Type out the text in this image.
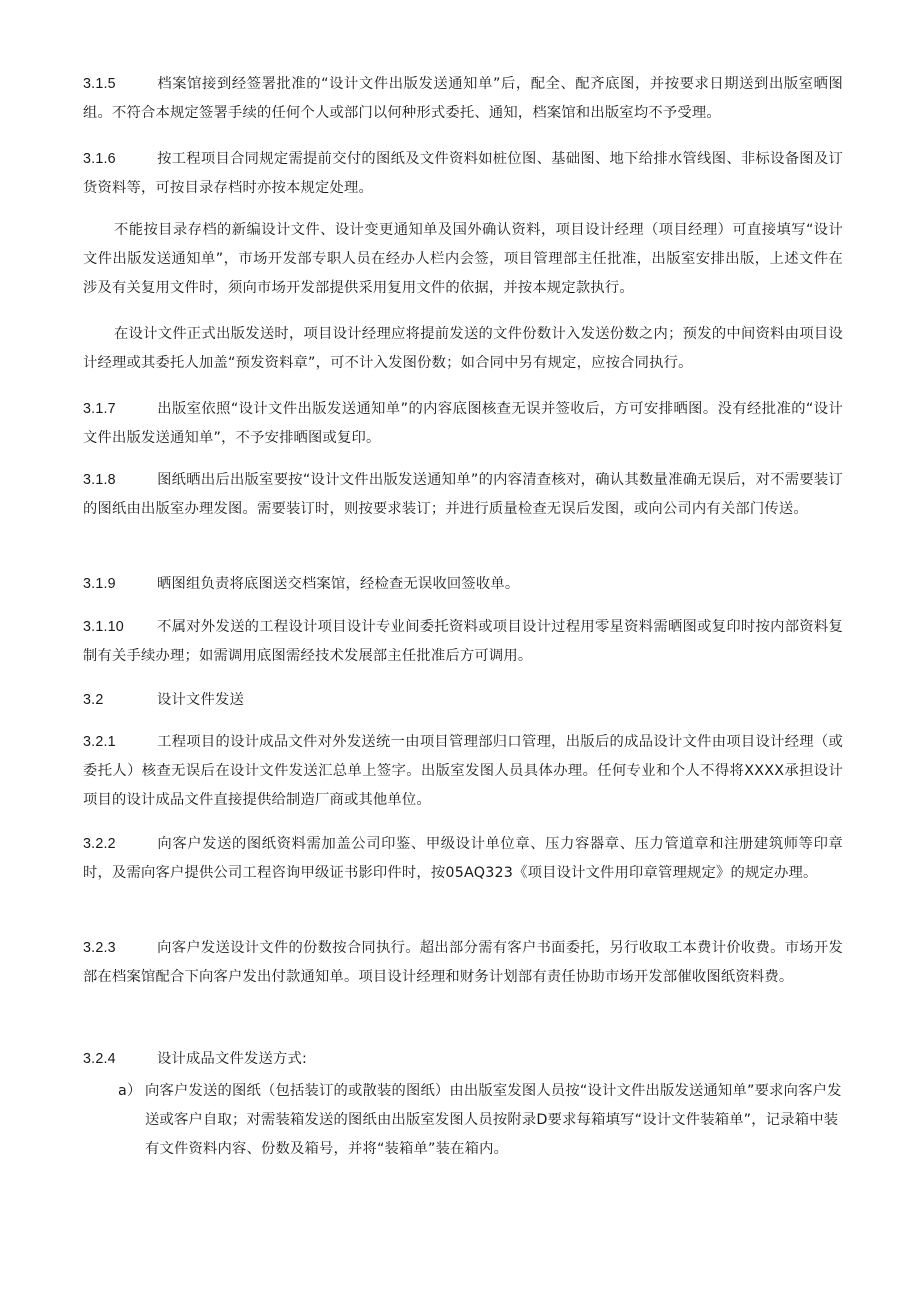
3.1.5	档案馆接到经签署批准的“设计文件出版发送通知单”后，配全、配齐底图，并按要求日期送到出版室晒图组。不符合本规定签署手续的任何个人或部门以何种形式委托、通知，档案馆和出版室均不予受理。
3.1.6	按工程项目合同规定需提前交付的图纸及文件资料如桩位图、基础图、地下给排水管线图、非标设备图及订货资料等，可按目录存档时亦按本规定处理。
不能按目录存档的新编设计文件、设计变更通知单及国外确认资料，项目设计经理（项目经理）可直接填写“设计文件出版发送通知单”，市场开发部专职人员在经办人栏内会签，项目管理部主任批准，出版室安排出版，上述文件在涉及有关复用文件时，须向市场开发部提供采用复用文件的依据，并按本规定款执行。
在设计文件正式出版发送时，项目设计经理应将提前发送的文件份数计入发送份数之内；预发的中间资料由项目设计经理或其委托人加盖“预发资料章”，可不计入发图份数；如合同中另有规定，应按合同执行。
3.1.7	出版室依照“设计文件出版发送通知单”的内容底图核查无误并签收后，方可安排晒图。没有经批准的“设计文件出版发送通知单”，不予安排晒图或复印。
3.1.8	图纸晒出后出版室要按“设计文件出版发送通知单”的内容清查核对，确认其数量准确无误后，对不需要装订的图纸由出版室办理发图。需要装订时，则按要求装订；并进行质量检查无误后发图，或向公司内有关部门传送。
3.1.9	晒图组负责将底图送交档案馆，经检查无误收回签收单。
3.1.10 不属对外发送的工程设计项目设计专业间委托资料或项目设计过程用零星资料需晒图或复印时按内部资料复制有关手续办理；如需调用底图需经技术发展部主任批准后方可调用。
3.2	设计文件发送
3.2.1	工程项目的设计成品文件对外发送统一由项目管理部归口管理，出版后的成品设计文件由项目设计经理（或委托人）核查无误后在设计文件发送汇总单上签字。出版室发图人员具体办理。任何专业和个人不得将XXXX承担设计项目的设计成品文件直接提供给制造厂商或其他单位。
3.2.2	向客户发送的图纸资料需加盖公司印鉴、甲级设计单位章、压力容器章、压力管道章和注册建筑师等印章时，及需向客户提供公司工程咨询甲级证书影印件时，按05AQ323《项目设计文件用印章管理规定》的规定办理。
3.2.3	向客户发送设计文件的份数按合同执行。超出部分需有客户书面委托，另行收取工本费计价收费。市场开发部在档案馆配合下向客户发出付款通知单。项目设计经理和财务计划部有责任协助市场开发部催收图纸资料费。
3.2.4	设计成品文件发送方式:
a） 向客户发送的图纸（包括装订的或散装的图纸）由出版室发图人员按“设计文件出版发送通知单”要求向客户发送或客户自取；对需装箱发送的图纸由出版室发图人员按附录D要求每箱填写“设计文件装箱单”，记录箱中装有文件资料内容、份数及箱号，并将“装箱单”装在箱内。
